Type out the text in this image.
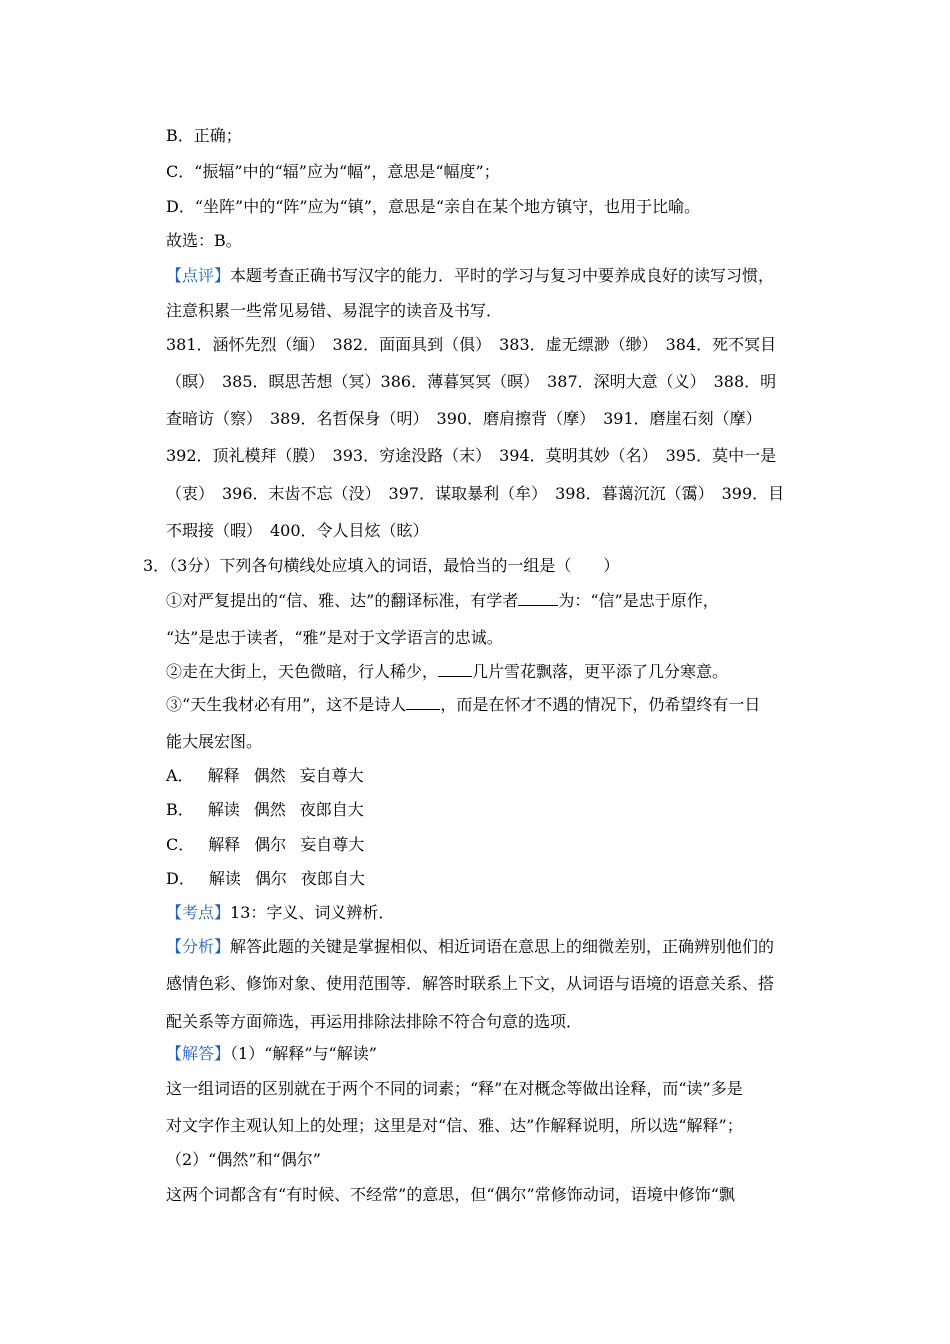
B．正确；

C．“振辐”中的“辐”应为“幅”，意思是“幅度”；

D．“坐阵”中的“阵”应为“镇”，意思是“亲自在某个地方镇守，也用于比喻。

故选：B。

【点评】本题考查正确书写汉字的能力．平时的学习与复习中要养成良好的读写习惯，

注意积累一些常见易错、易混字的读音及书写．

381．涵怀先烈（缅）　382．面面具到（俱）　383．虚无缥渺（缈）　384．死不冥目

（瞑）　385．瞑思苦想（冥）386．薄暮冥冥（暝）　387．深明大意（义）　388．明

查暗访（察）　389．名哲保身（明）　390．磨肩擦背（摩）　391．磨崖石刻（摩）

392．顶礼模拜（膜）　393．穷途没路（末）　394．莫明其妙（名）　395．莫中一是

（衷）　396．末齿不忘（没）　397．谋取暴利（牟）　398．暮蔼沉沉（霭）　399．目

不瑕接（暇）　400．令人目炫（眩）

3．（3分）下列各句横线处应填入的词语，最恰当的一组是（　　）

①对严复提出的“信、雅、达”的翻译标准，有学者	为：“信”是忠于原作，

“达”是忠于读者，“雅”是对于文学语言的忠诚。

②走在大街上，天色微暗，行人稀少， 几片雪花飘落，更平添了几分寒意。

③“天生我材必有用”，这不是诗人 ，而是在怀才不遇的情况下，仍希望终有一日

能大展宏图。

A． 解释 偶然 妄自尊大

B． 解读 偶然 夜郎自大

C． 解释 偶尔 妄自尊大

D． 解读 偶尔 夜郎自大

【考点】13：字义、词义辨析．

【分析】解答此题的关键是掌握相似、相近词语在意思上的细微差别，正确辨别他们的

感情色彩、修饰对象、使用范围等．解答时联系上下文，从词语与语境的语意关系、搭

配关系等方面筛选，再运用排除法排除不符合句意的选项．

【解答】（1）“解释”与“解读”

这一组词语的区别就在于两个不同的词素；“释”在对概念等做出诠释，而“读”多是

对文字作主观认知上的处理；这里是对“信、雅、达”作解释说明，所以选“解释”；

（2）“偶然”和“偶尔”

这两个词都含有“有时候、不经常”的意思，但“偶尔”常修饰动词，语境中修饰“飘
